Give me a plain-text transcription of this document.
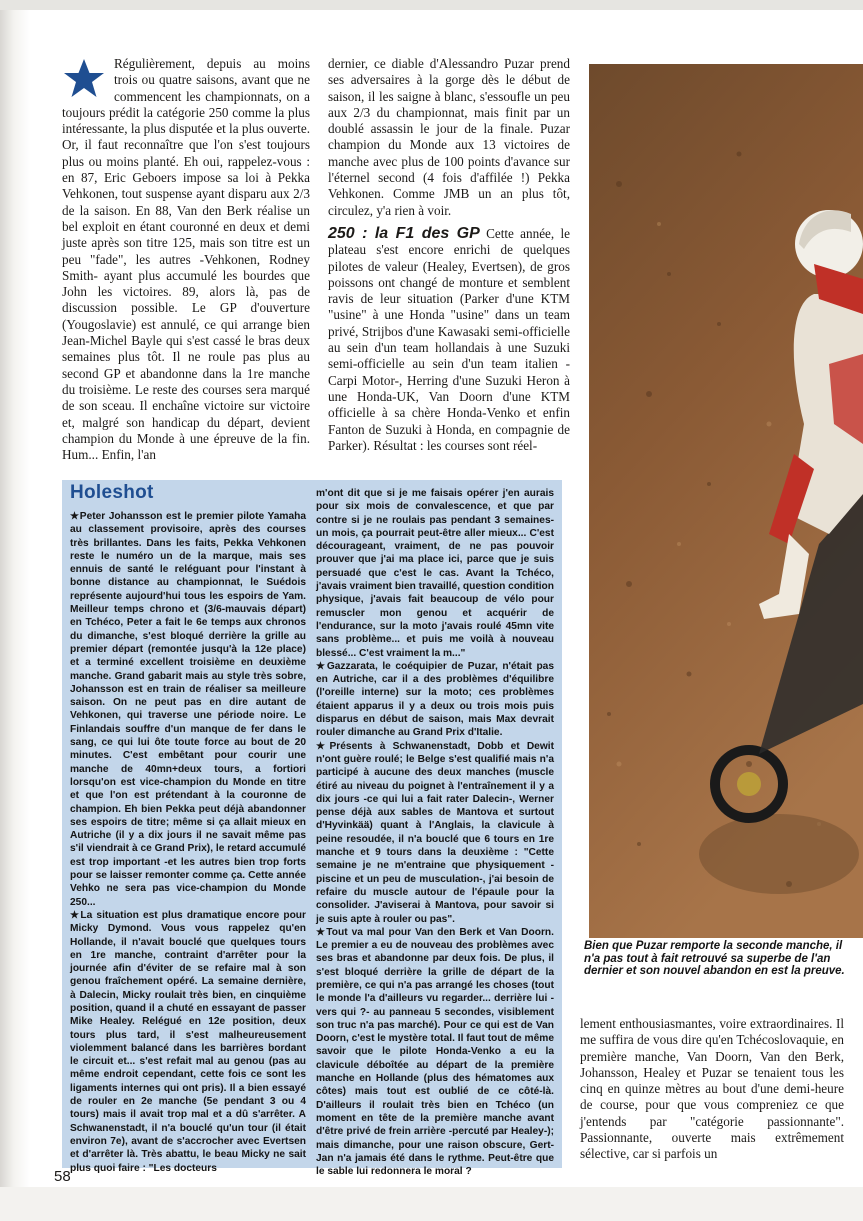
Régulièrement, depuis au moins trois ou quatre saisons, avant que ne commencent les championnats, on a toujours prédit la catégorie 250 comme la plus intéressante, la plus disputée et la plus ouverte. Or, il faut reconnaître que l'on s'est toujours plus ou moins planté. Eh oui, rappelez-vous : en 87, Eric Geboers impose sa loi à Pekka Vehkonen, tout suspense ayant disparu aux 2/3 de la saison. En 88, Van den Berk réalise un bel exploit en étant couronné en deux et demi juste après son titre 125, mais son titre est un peu "fade", les autres -Vehkonen, Rodney Smith- ayant plus accumulé les bourdes que John les victoires. 89, alors là, pas de discussion possible. Le GP d'ouverture (Yougoslavie) est annulé, ce qui arrange bien Jean-Michel Bayle qui s'est cassé le bras deux semaines plus tôt. Il ne roule pas plus au second GP et abandonne dans la 1re manche du troisième. Le reste des courses sera marqué de son sceau. Il enchaîne victoire sur victoire et, malgré son handicap du départ, devient champion du Monde à une épreuve de la fin. Hum... Enfin, l'an

dernier, ce diable d'Alessandro Puzar prend ses adversaires à la gorge dès le début de saison, il les saigne à blanc, s'essoufle un peu aux 2/3 du championnat, mais finit par un doublé assassin le jour de la finale. Puzar champion du Monde aux 13 victoires de manche avec plus de 100 points d'avance sur l'éternel second (4 fois d'affilée !) Pekka Vehkonen. Comme JMB un an plus tôt, circulez, y'a rien à voir.

250 : la F1 des GP Cette année, le plateau s'est encore enrichi de quelques pilotes de valeur (Healey, Evertsen), de gros poissons ont changé de monture et semblent ravis de leur situation (Parker d'une KTM "usine" à une Honda "usine" dans un team privé, Strijbos d'une Kawasaki semi-officielle au sein d'un team hollandais à une Suzuki semi-officielle au sein d'un team italien -Carpi Motor-, Herring d'une Suzuki Heron à une Honda-UK, Van Doorn d'une KTM officielle à sa chère Honda-Venko et enfin Fanton de Suzuki à Honda, en compagnie de Parker). Résultat : les courses sont réel-

Bien que Puzar remporte la seconde manche, il n'a pas tout à fait retrouvé sa superbe de l'an dernier et son nouvel abandon en est la preuve.
Holeshot

★Peter Johansson est le premier pilote Yamaha au classement provisoire, après des courses très brillantes. Dans les faits, Pekka Vehkonen reste le numéro un de la marque, mais ses ennuis de santé le reléguant pour l'instant à bonne distance au championnat, le Suédois représente aujourd'hui tous les espoirs de Yam. Meilleur temps chrono et (3/6-mauvais départ) en Tchéco, Peter a fait le 6e temps aux chronos du dimanche, s'est bloqué derrière la grille au premier départ (remontée jusqu'à la 12e place) et a terminé excellent troisième en deuxième manche. Grand gabarit mais au style très sobre, Johansson est en train de réaliser sa meilleure saison. On ne peut pas en dire autant de Vehkonen, qui traverse une période noire. Le Finlandais souffre d'un manque de fer dans le sang, ce qui lui ôte toute force au bout de 20 minutes. C'est embêtant pour courir une manche de 40mn+deux tours, a fortiori lorsqu'on est vice-champion du Monde en titre et que l'on est prétendant à la couronne de champion. Eh bien Pekka peut déjà abandonner ses espoirs de titre; même si ça allait mieux en Autriche (il y a dix jours il ne savait même pas s'il viendrait à ce Grand Prix), le retard accumulé est trop important -et les autres bien trop forts pour se laisser remonter comme ça. Cette année Vehko ne sera pas vice-champion du Monde 250...

★La situation est plus dramatique encore pour Micky Dymond. Vous vous rappelez qu'en Hollande, il n'avait bouclé que quelques tours en 1re manche, contraint d'arrêter pour la journée afin d'éviter de se refaire mal à son genou fraîchement opéré. La semaine dernière, à Dalecin, Micky roulait très bien, en cinquième position, quand il a chuté en essayant de passer Mike Healey. Relégué en 12e position, deux tours plus tard, il s'est malheureusement violemment balancé dans les barrières bordant le circuit et... s'est refait mal au genou (pas au même endroit cependant, cette fois ce sont les ligaments internes qui ont pris). Il a bien essayé de rouler en 2e manche (5e pendant 3 ou 4 tours) mais il avait trop mal et a dû s'arrêter. A Schwanenstadt, il n'a bouclé qu'un tour (il était environ 7e), avant de s'accrocher avec Evertsen et d'arrêter là. Très abattu, le beau Micky ne sait plus quoi faire : "Les docteurs

m'ont dit que si je me faisais opérer j'en aurais pour six mois de convalescence, et que par contre si je ne roulais pas pendant 3 semaines-un mois, ça pourrait peut-être aller mieux... C'est décourageant, vraiment, de ne pas pouvoir prouver que j'ai ma place ici, parce que je suis persuadé que c'est le cas. Avant la Tchéco, j'avais vraiment bien travaillé, question condition physique, j'avais fait beaucoup de vélo pour remuscler mon genou et acquérir de l'endurance, sur la moto j'avais roulé 45mn vite sans problème... et puis me voilà à nouveau blessé... C'est vraiment la m..."

★Gazzarata, le coéquipier de Puzar, n'était pas en Autriche, car il a des problèmes d'équilibre (l'oreille interne) sur la moto; ces problèmes étaient apparus il y a deux ou trois mois puis disparus en début de saison, mais Max devrait rouler dimanche au Grand Prix d'Italie.

★Présents à Schwanenstadt, Dobb et Dewit n'ont guère roulé; le Belge s'est qualifié mais n'a participé à aucune des deux manches (muscle étiré au niveau du poignet à l'entraînement il y a dix jours -ce qui lui a fait rater Dalecin-, Werner pense déjà aux sables de Mantova et surtout d'Hyvinkää) quant à l'Anglais, la clavicule à peine resoudée, il n'a bouclé que 6 tours en 1re manche et 9 tours dans la deuxième : "Cette semaine je ne m'entraine que physiquement -piscine et un peu de musculation-, j'ai besoin de refaire du muscle autour de l'épaule pour la consolider. J'aviserai à Mantova, pour savoir si je suis apte à rouler ou pas".

★Tout va mal pour Van den Berk et Van Doorn. Le premier a eu de nouveau des problèmes avec ses bras et abandonne par deux fois. De plus, il s'est bloqué derrière la grille de départ de la première, ce qui n'a pas arrangé les choses (tout le monde l'a d'ailleurs vu regarder... derrière lui -vers qui ?- au panneau 5 secondes, visiblement son truc n'a pas marché). Pour ce qui est de Van Doorn, c'est le mystère total. Il faut tout de même savoir que le pilote Honda-Venko a eu la clavicule déboîtée au départ de la première manche en Hollande (plus des hématomes aux côtes) mais tout est oublié de ce côté-là. D'ailleurs il roulait très bien en Tchéco (un moment en tête de la première manche avant d'être privé de frein arrière -percuté par Healey-); mais dimanche, pour une raison obscure, Gert-Jan n'a jamais été dans le rythme. Peut-être que le sable lui redonnera le moral ?

lement enthousiasmantes, voire extraordinaires. Il me suffira de vous dire qu'en Tchécoslovaquie, en première manche, Van Doorn, Van den Berk, Johansson, Healey et Puzar se tenaient tous les cinq en quinze mètres au bout d'une demi-heure de course, pour que vous compreniez ce que j'entends par "catégorie passionnante". Passionnante, ouverte mais extrêmement sélective, car si parfois un

58
